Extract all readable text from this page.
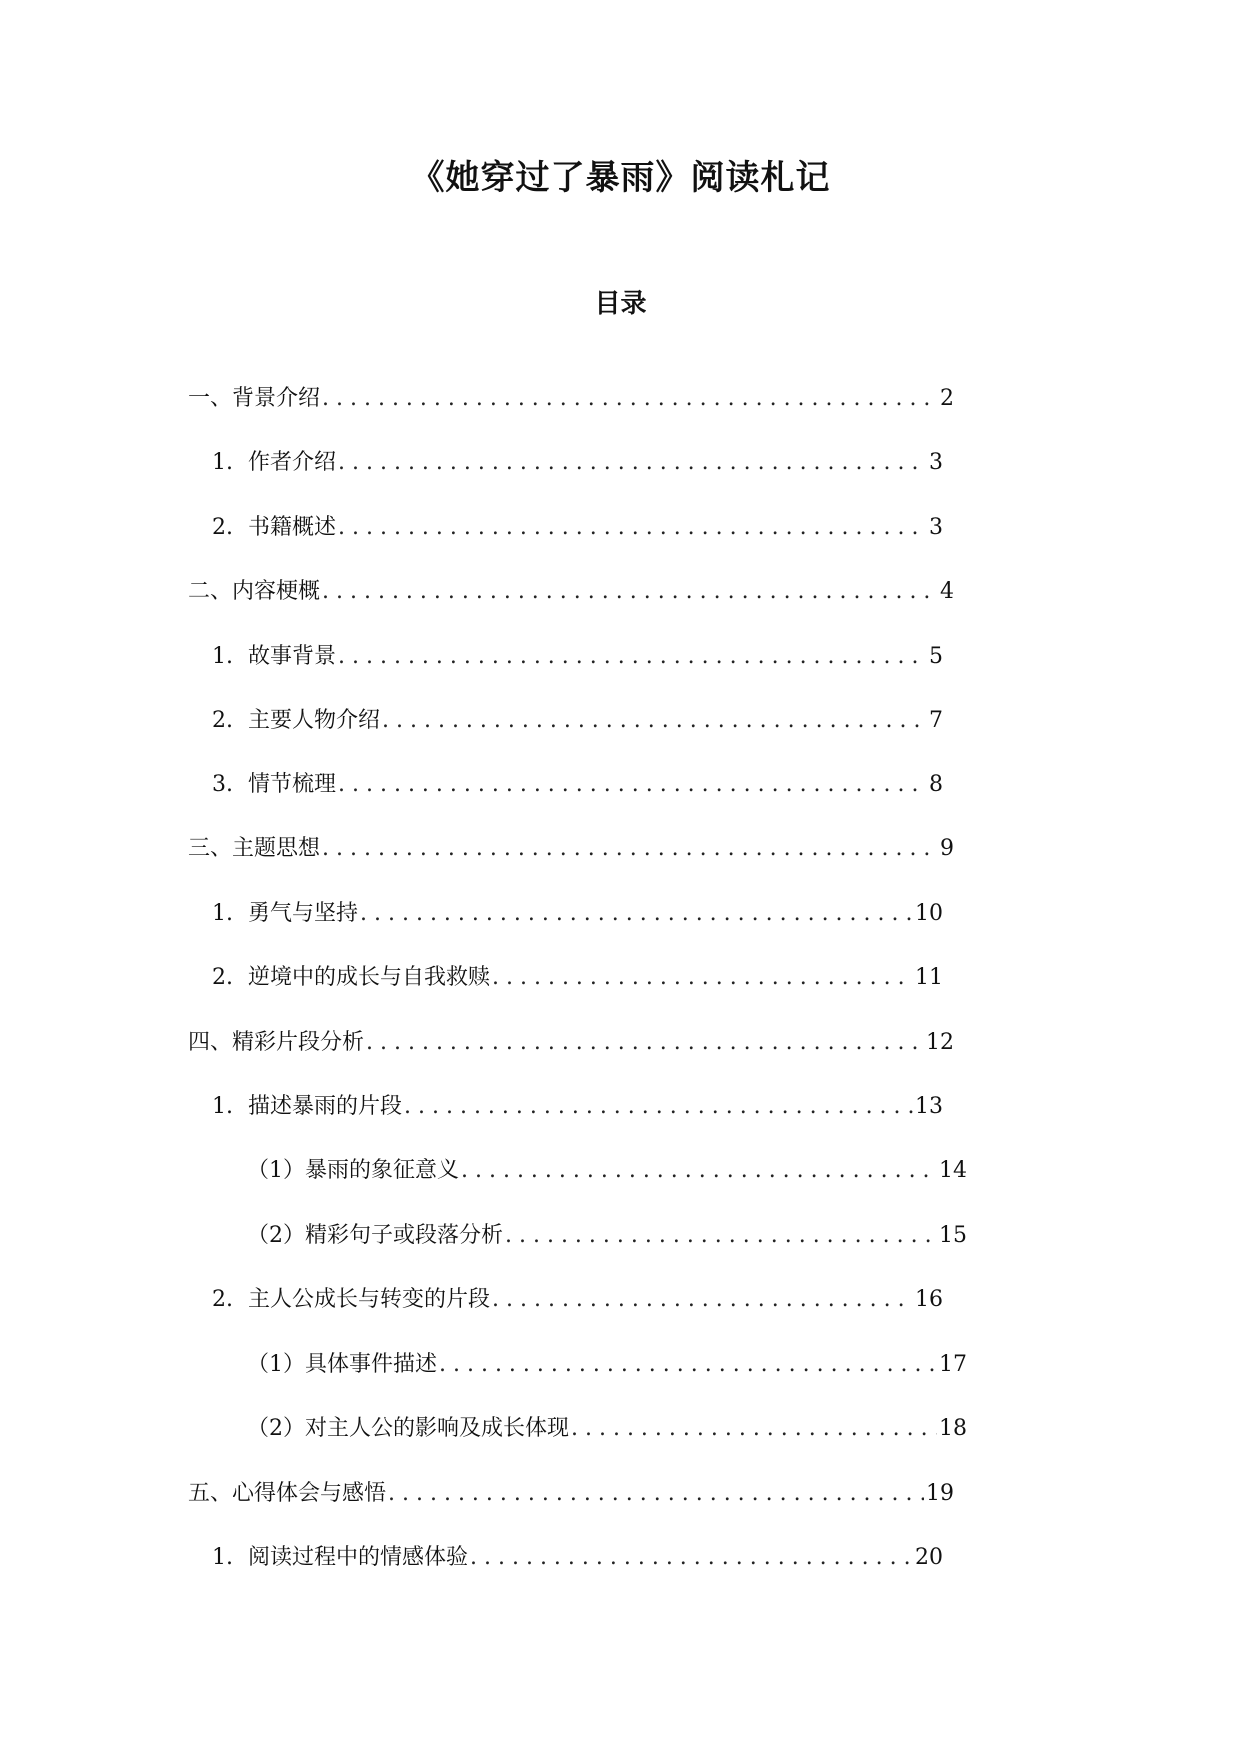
《她穿过了暴雨》阅读札记
目录
一、背景介绍 . . .	2
1. 作者介绍 . . .	3
2. 书籍概述 . . .	3
二、内容梗概 . . .	4
1. 故事背景 . . .	5
2. 主要人物介绍 . . .	7
3. 情节梳理 . . .	8
三、主题思想 . . .	9
1. 勇气与坚持 . . .	10
2. 逆境中的成长与自我救赎 . . .	11
四、精彩片段分析 . . .	12
1. 描述暴雨的片段 . . .	13
（1）暴雨的象征意义 . . .	14
（2）精彩句子或段落分析 . . .	15
2. 主人公成长与转变的片段 . . .	16
（1）具体事件描述 . . .	17
（2）对主人公的影响及成长体现 . . .	18
五、心得体会与感悟 . . .	19
1. 阅读过程中的情感体验 . . .	20
